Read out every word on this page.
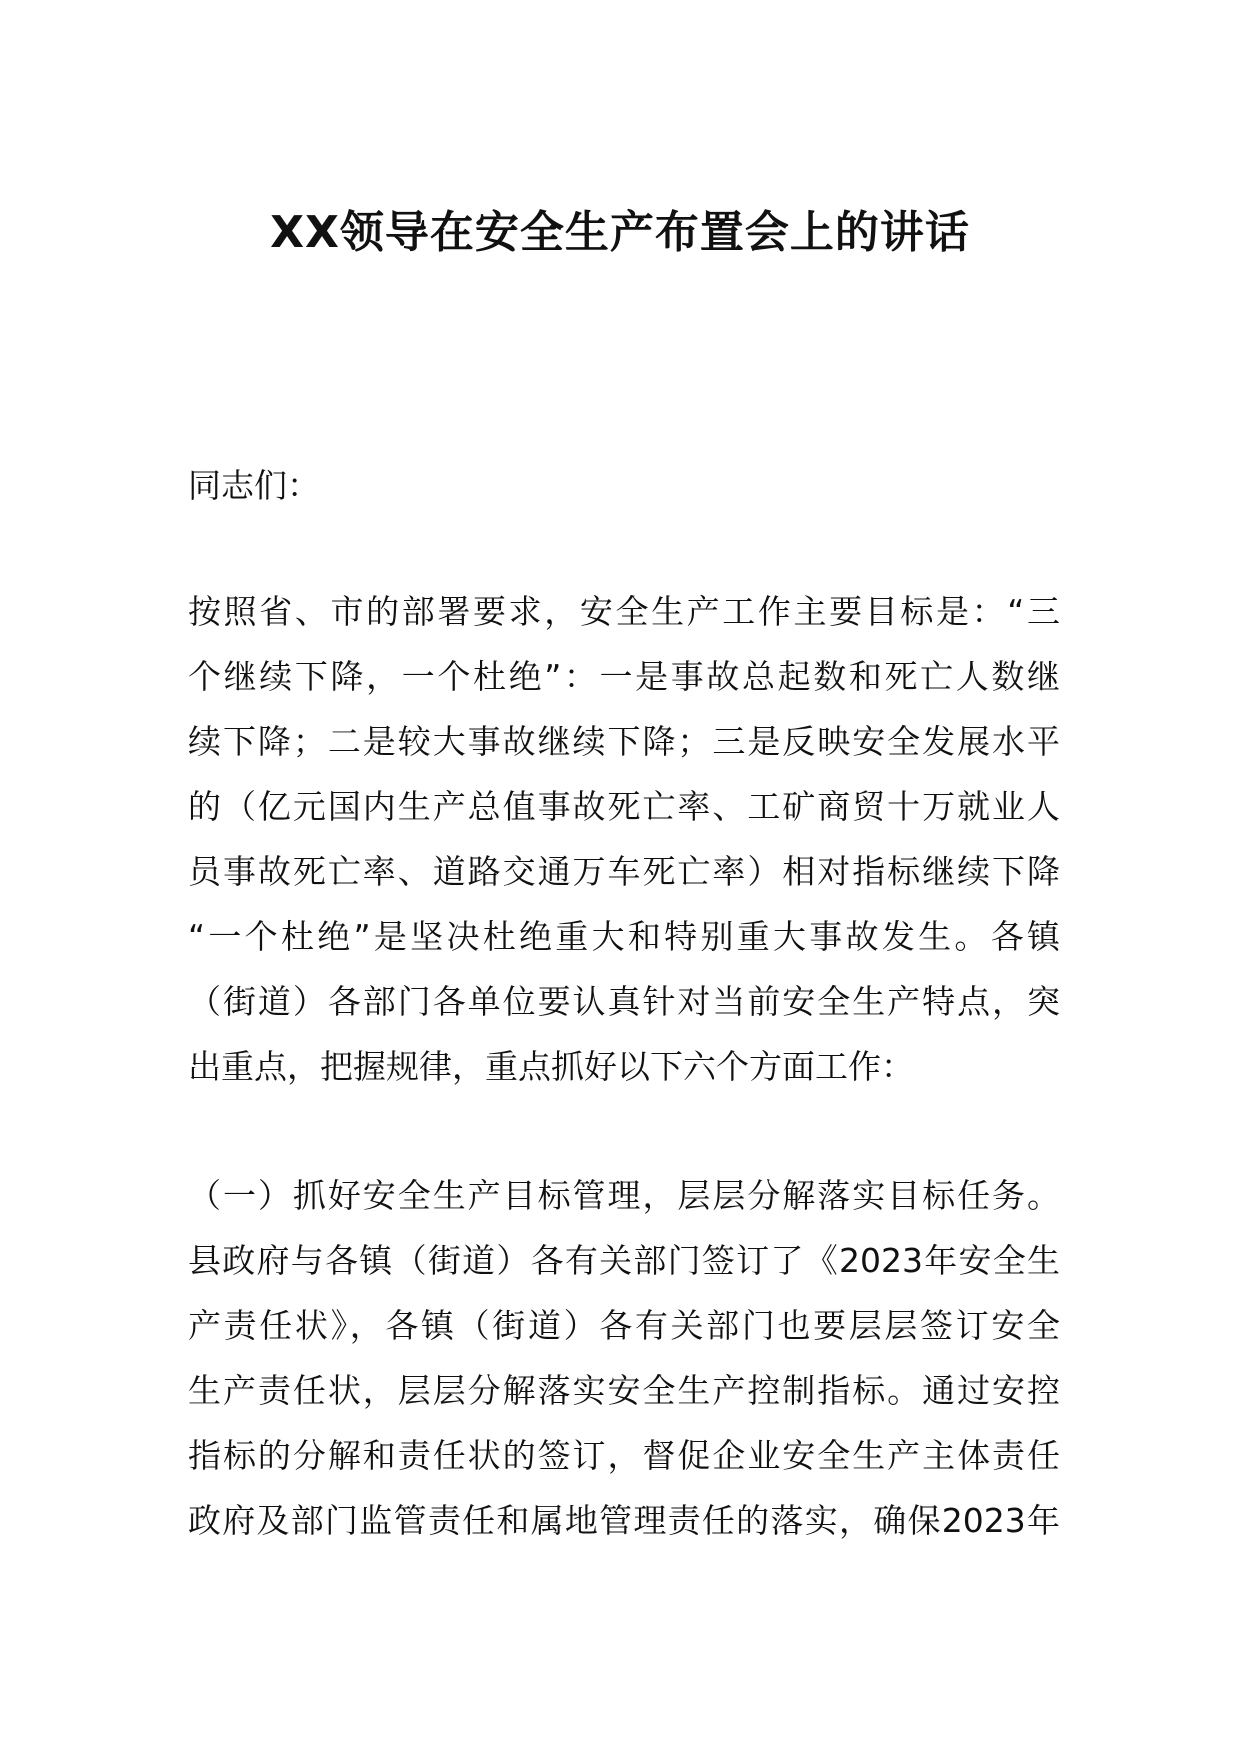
XX领导在安全生产布置会上的讲话

同志们：

按照省、市的部署要求，安全生产工作主要目标是：“三
个继续下降，一个杜绝”：一是事故总起数和死亡人数继
续下降；二是较大事故继续下降；三是反映安全发展水平
的（亿元国内生产总值事故死亡率、工矿商贸十万就业人
员事故死亡率、道路交通万车死亡率）相对指标继续下降
“一个杜绝”是坚决杜绝重大和特别重大事故发生。各镇
（街道）各部门各单位要认真针对当前安全生产特点，突
出重点，把握规律，重点抓好以下六个方面工作：
（一）抓好安全生产目标管理，层层分解落实目标任务。
县政府与各镇（街道）各有关部门签订了《2023年安全生
产责任状》，各镇（街道）各有关部门也要层层签订安全
生产责任状，层层分解落实安全生产控制指标。通过安控
指标的分解和责任状的签订，督促企业安全生产主体责任
政府及部门监管责任和属地管理责任的落实，确保2023年
